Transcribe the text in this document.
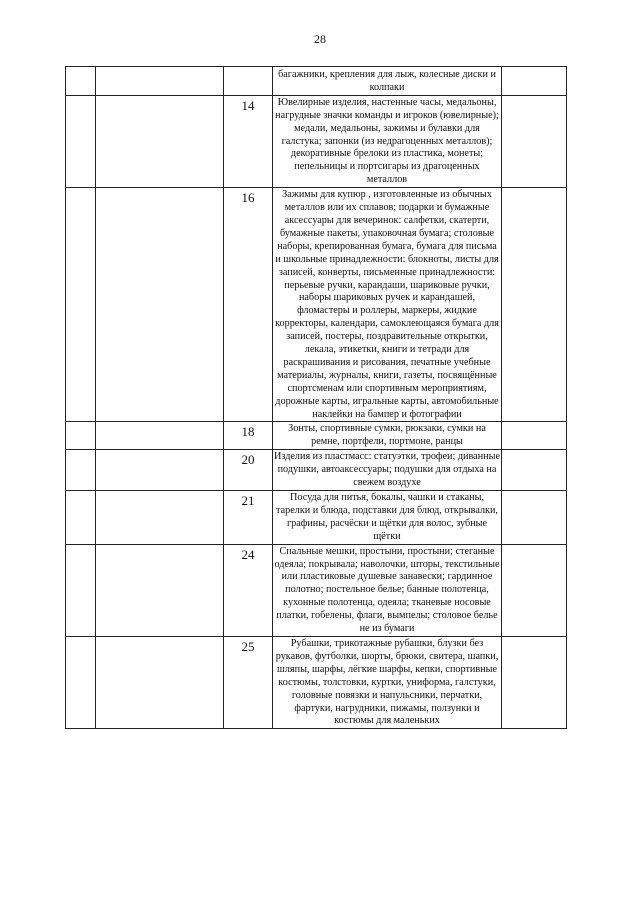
28
			багажники, крепления для лыж, колесные диски и колпаки	
		14	Ювелирные изделия, настенные часы, медальоны, нагрудные значки команды и игроков (ювелирные); медали, медальоны, зажимы и булавки для галстука; запонки (из недрагоценных металлов); декоративные брелоки из пластика, монеты; пепельницы и портсигары из драгоценных металлов	
		16	Зажимы для купюр , изготовленные из обычных металлов или их сплавов; подарки и бумажные аксессуары для вечеринок: салфетки, скатерти, бумажные пакеты, упаковочная бумага; столовые наборы, крепированная бумага, бумага для письма и школьные принадлежности: блокноты, листы для записей, конверты, письменные принадлежности: перьевые ручки, карандаши, шариковые ручки, наборы шариковых ручек и карандашей, фломастеры и роллеры, маркеры, жидкие корректоры, календари, самоклеющаяся бумага для записей, постеры, поздравительные открытки, лекала, этикетки, книги и тетради для раскрашивания и рисования, печатные учебные материалы, журналы, книги, газеты, посвящённые спортсменам или спортивным мероприятиям, дорожные карты, игральные карты, автомобильные наклейки на бампер и фотографии	
		18	Зонты, спортивные сумки, рюкзаки, сумки на ремне, портфели, портмоне, ранцы	
		20	Изделия из пластмасс: статуэтки, трофеи; диванные подушки, автоаксессуары; подушки для отдыха на свежем воздухе	
		21	Посуда для питья, бокалы, чашки и стаканы, тарелки и блюда, подставки для блюд, открывалки, графины, расчёски и щётки для волос, зубные щётки	
		24	Спальные мешки, простыни, простыни; стеганые одеяла; покрывала; наволочки, шторы, текстильные или пластиковые душевые занавески; гардинное полотно; постельное белье; банные полотенца, кухонные полотенца, одеяла; тканевые носовые платки, гобелены, флаги, вымпелы; столовое белье не из бумаги	
		25	Рубашки, трикотажные рубашки, блузки без рукавов, футболки, шорты, брюки, свитера, шапки, шляпы, шарфы, лёгкие шарфы, кепки, спортивные костюмы, толстовки, куртки, униформа, галстуки, головные повязки и напульсники, перчатки, фартуки, нагрудники, пижамы, ползунки и костюмы для маленьких	
